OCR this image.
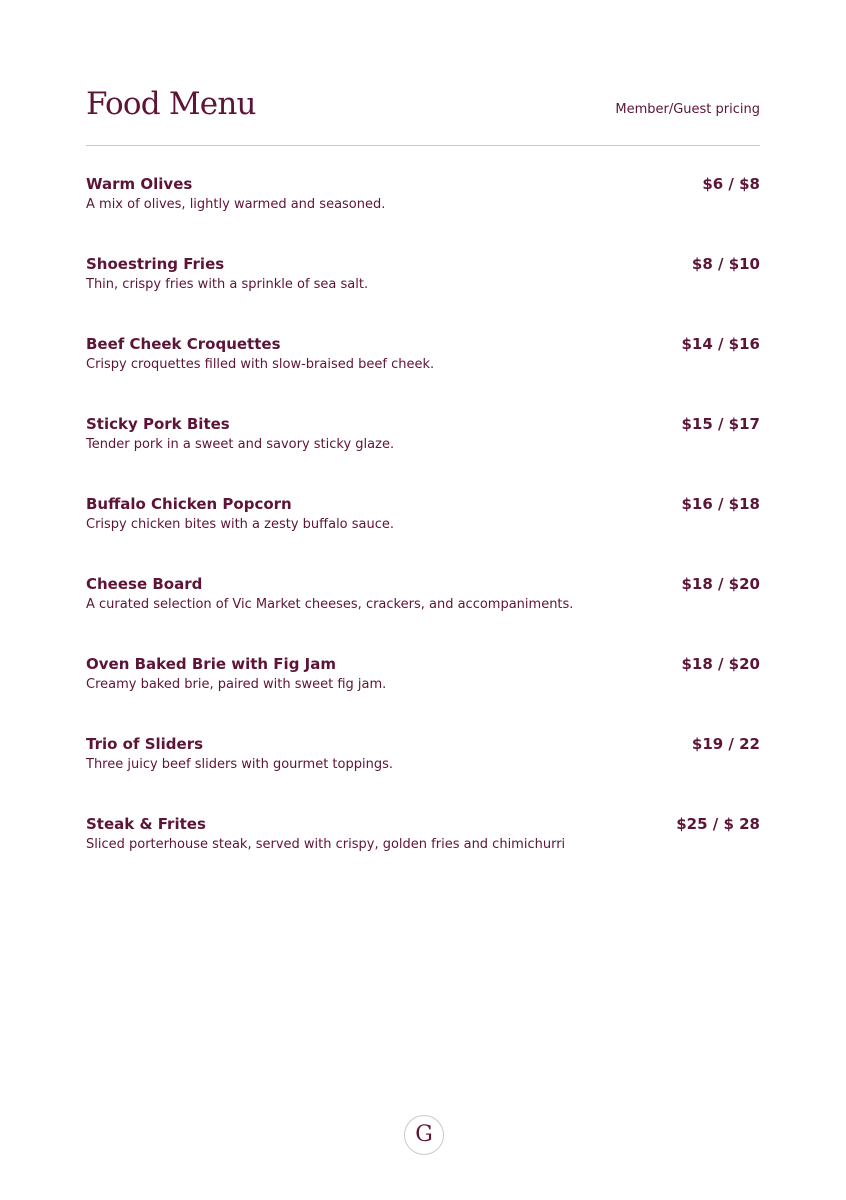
Food Menu	Member/Guest pricing
Warm Olives
A mix of olives, lightly warmed and seasoned.
$6 / $8
Shoestring Fries
Thin, crispy fries with a sprinkle of sea salt.
$8 / $10
Beef Cheek Croquettes
Crispy croquettes filled with slow-braised beef cheek.
$14 / $16
Sticky Pork Bites
Tender pork in a sweet and savory sticky glaze.
$15 / $17
Buffalo Chicken Popcorn
Crispy chicken bites with a zesty buffalo sauce.
$16 / $18
Cheese Board
A curated selection of Vic Market cheeses, crackers, and accompaniments.
$18 / $20
Oven Baked Brie with Fig Jam
Creamy baked brie, paired with sweet fig jam.
$18 / $20
Trio of Sliders
Three juicy beef sliders with gourmet toppings.
$19 / 22
Steak & Frites
Sliced porterhouse steak, served with crispy, golden fries and chimichurri
$25 / $ 28
G
